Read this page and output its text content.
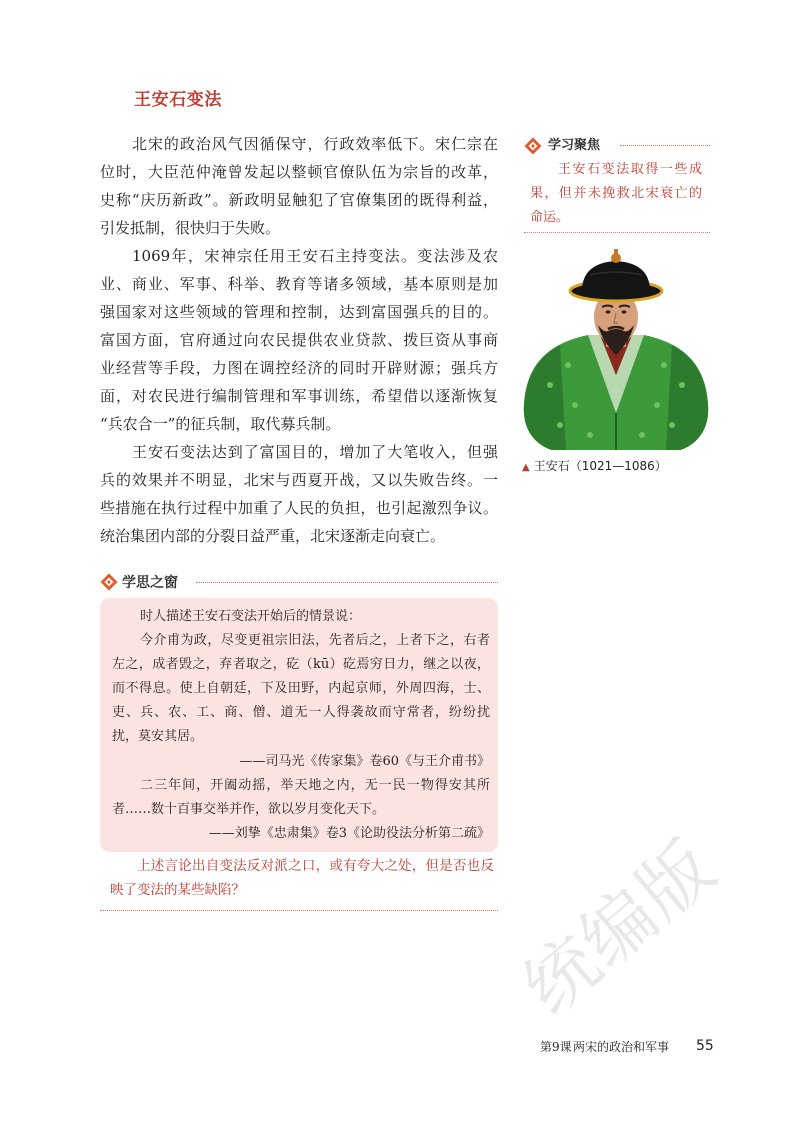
王安石变法
北宋的政治风气因循保守，行政效率低下。宋仁宗在
位时，大臣范仲淹曾发起以整顿官僚队伍为宗旨的改革，
史称“庆历新政”。新政明显触犯了官僚集团的既得利益，
引发抵制，很快归于失败。
1069年，宋神宗任用王安石主持变法。变法涉及农
业、商业、军事、科举、教育等诸多领域，基本原则是加
强国家对这些领域的管理和控制，达到富国强兵的目的。
富国方面，官府通过向农民提供农业贷款、拨巨资从事商
业经营等手段，力图在调控经济的同时开辟财源；强兵方
面，对农民进行编制管理和军事训练，希望借以逐渐恢复
“兵农合一”的征兵制，取代募兵制。
王安石变法达到了富国目的，增加了大笔收入，但强
兵的效果并不明显，北宋与西夏开战，又以失败告终。一
些措施在执行过程中加重了人民的负担，也引起激烈争议。
统治集团内部的分裂日益严重，北宋逐渐走向衰亡。
学习聚焦
王安石变法取得一些成
果，但并未挽救北宋衰亡的
命运。
▲ 王安石（1021—1086）
学思之窗
时人描述王安石变法开始后的情景说：
今介甫为政，尽变更祖宗旧法，先者后之，上者下之，右者
左之，成者毁之，弃者取之，矻（kū）矻焉穷日力，继之以夜，
而不得息。使上自朝廷，下及田野，内起京师，外周四海，士、
吏、兵、农、工、商、僧、道无一人得袭故而守常者，纷纷扰
扰，莫安其居。
——司马光《传家集》卷60《与王介甫书》
二三年间，开阖动摇，举天地之内，无一民一物得安其所
者……数十百事交举并作，欲以岁月变化天下。
——刘挚《忠肃集》卷3《论助役法分析第二疏》
上述言论出自变法反对派之口，或有夸大之处，但是否也反
映了变法的某些缺陷？	统编版
第9课 两宋的政治和军事 55
